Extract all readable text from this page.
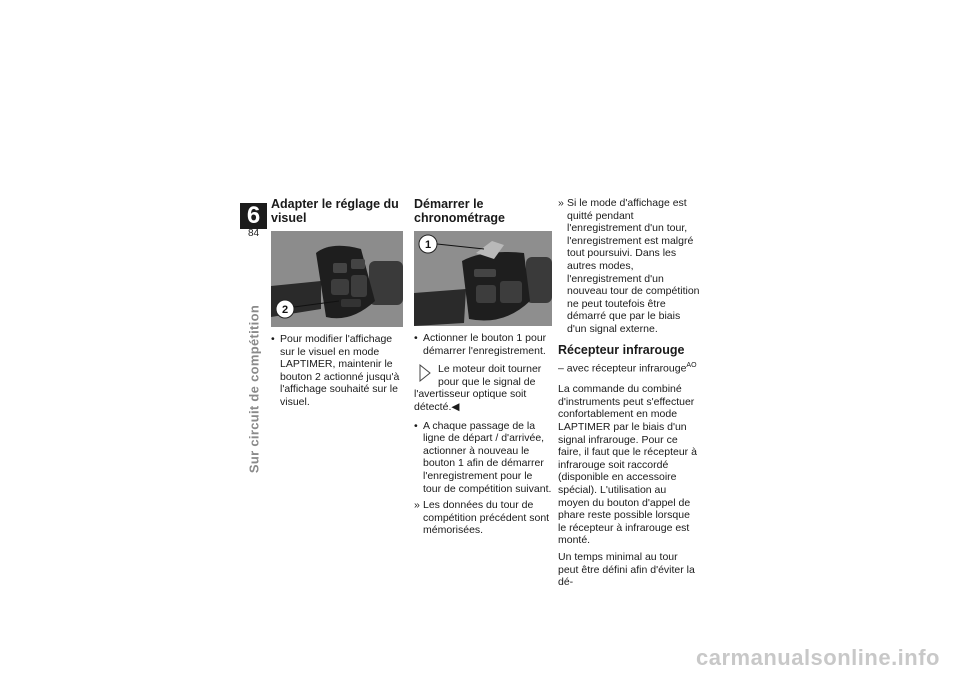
6
84
Sur circuit de compétition
Adapter le réglage du visuel
2
• Pour modifier l'affichage sur le visuel en mode LAPTIMER, maintenir le bouton 2 actionné jusqu'à l'affichage souhaité sur le visuel.
Démarrer le chronométrage
1
• Actionner le bouton 1 pour démarrer l'enregistrement.
Le moteur doit tourner pour que le signal de l'avertisseur optique soit détecté.◀
• A chaque passage de la ligne de départ / d'arrivée, actionner à nouveau le bouton 1 afin de démarrer l'enregistrement pour le tour de compétition suivant.
» Les données du tour de compétition précédent sont mémorisées.
» Si le mode d'affichage est quitté pendant l'enregistrement d'un tour, l'enregistrement est malgré tout poursuivi. Dans les autres modes, l'enregistrement d'un nouveau tour de compétition ne peut toutefois être démarré que par le biais d'un signal externe.
Récepteur infrarouge
– avec récepteur infrarouge$^{AO}$
La commande du combiné d'instruments peut s'effectuer confortablement en mode LAPTIMER par le biais d'un signal infrarouge. Pour ce faire, il faut que le récepteur à infrarouge soit raccordé (disponible en accessoire spécial). L'utilisation au moyen du bouton d'appel de phare reste possible lorsque le récepteur à infrarouge est monté.
Un temps minimal au tour peut être défini afin d'éviter la dé-
carmanualsonline.info
